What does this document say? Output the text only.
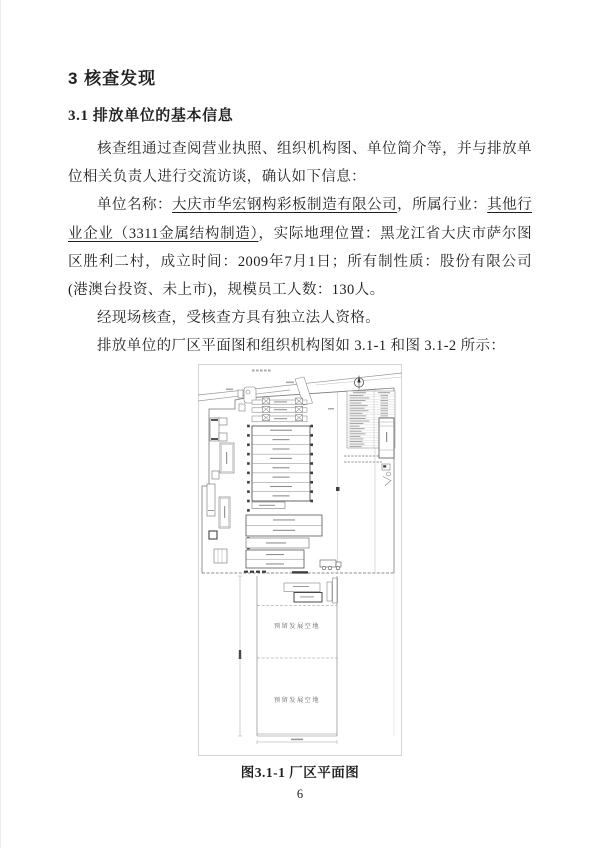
3 核查发现
3.1 排放单位的基本信息

核查组通过查阅营业执照、组织机构图、单位简介等，并与排放单位相关负责人进行交流访谈，确认如下信息：

单位名称：大庆市华宏钢构彩板制造有限公司，所属行业：其他行业企业（3311金属结构制造），实际地理位置：黑龙江省大庆市萨尔图区胜利二村，成立时间：2009年7月1日；所有制性质：股份有限公司(港澳台投资、未上市)，规模员工人数：130人。

经现场核查，受核查方具有独立法人资格。

排放单位的厂区平面图和组织机构图如 3.1-1 和图 3.1-2 所示：

预留发展空地
预留发展空地
图3.1-1 厂区平面图
6
